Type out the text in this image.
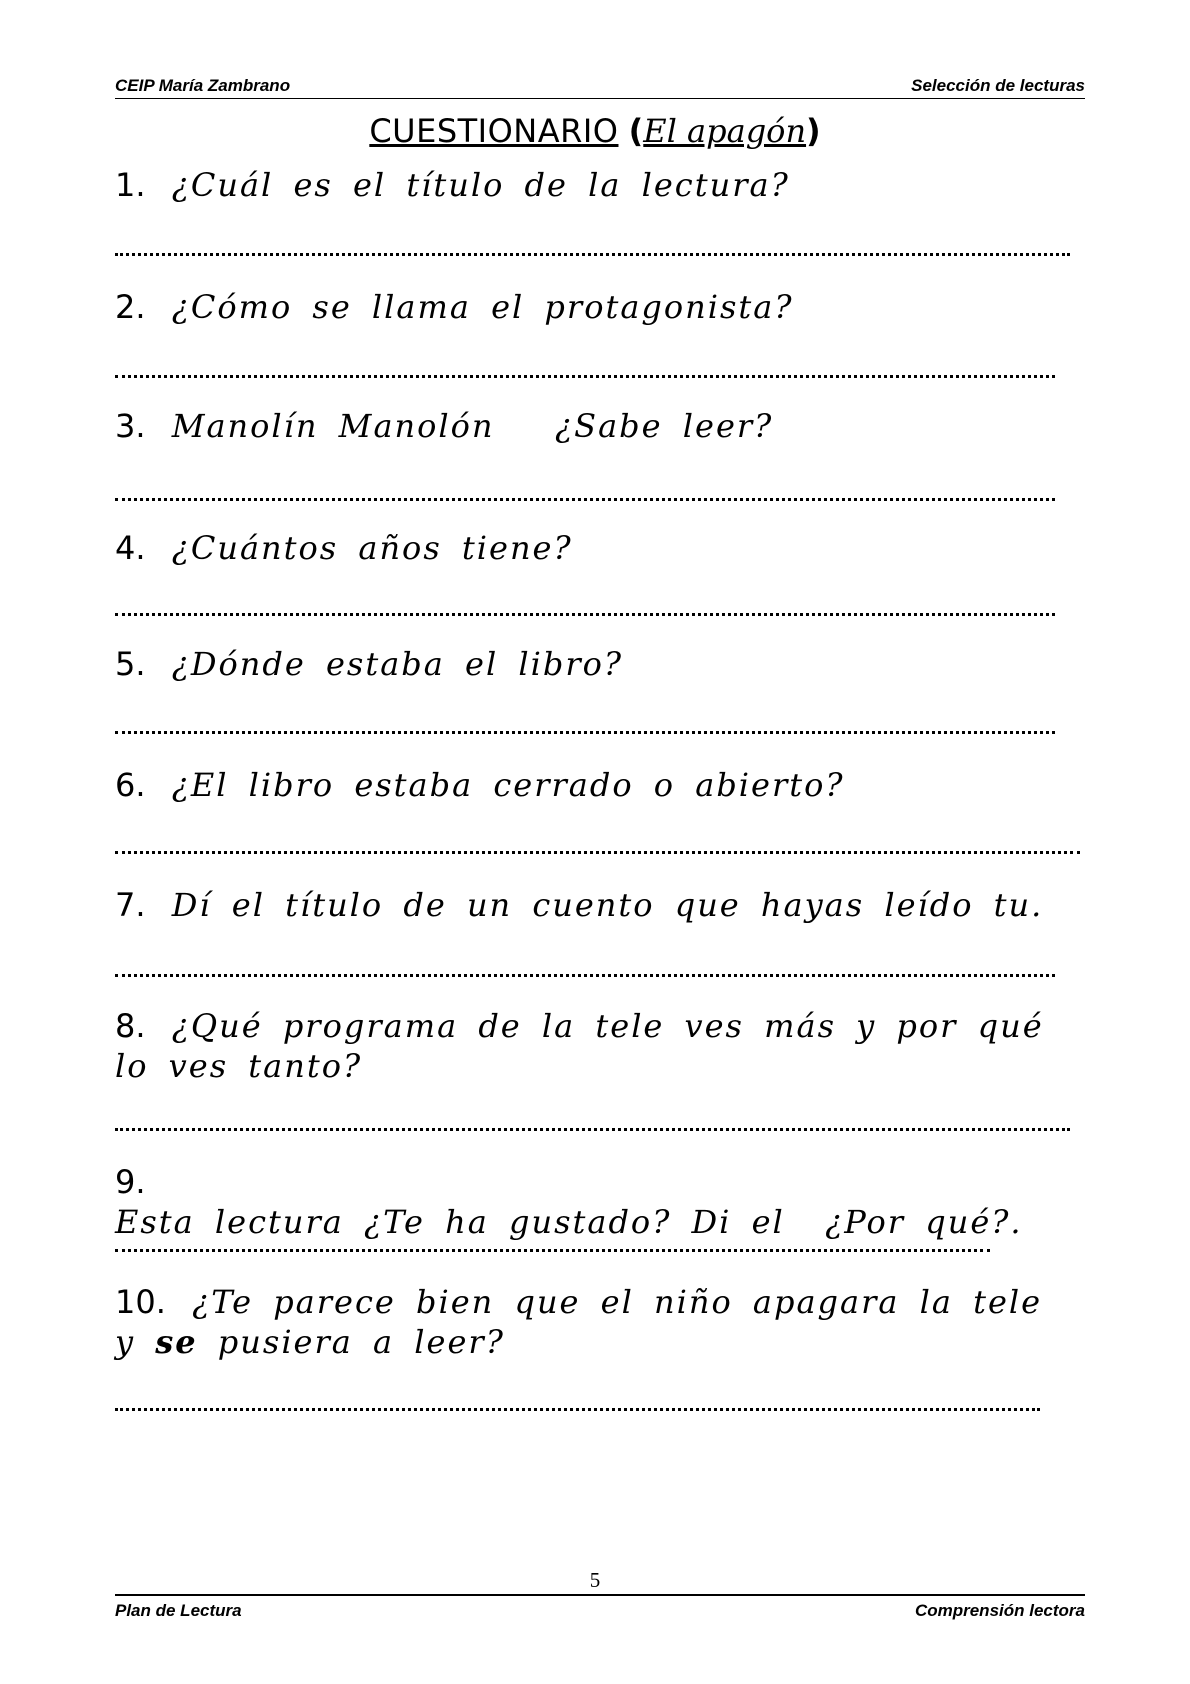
CEIP María Zambrano	Selección de lecturas
CUESTIONARIO (El apagón)
1. ¿Cuál es el título de la lectura?
2. ¿Cómo se llama el protagonista?
3. Manolín Manolón   ¿Sabe leer?
4. ¿Cuántos años tiene?
5. ¿Dónde estaba el libro?
6. ¿El libro estaba cerrado o abierto?
7. Dí el título de un cuento que hayas leído tu.
8. ¿Qué programa de la tele ves más y por qué lo ves tanto?
9. Esta lectura ¿Te ha gustado? Di el  ¿Por qué?.
10. ¿Te parece bien que el niño apagara la tele y se pusiera a leer?
5
Plan de Lectura	Comprensión lectora
